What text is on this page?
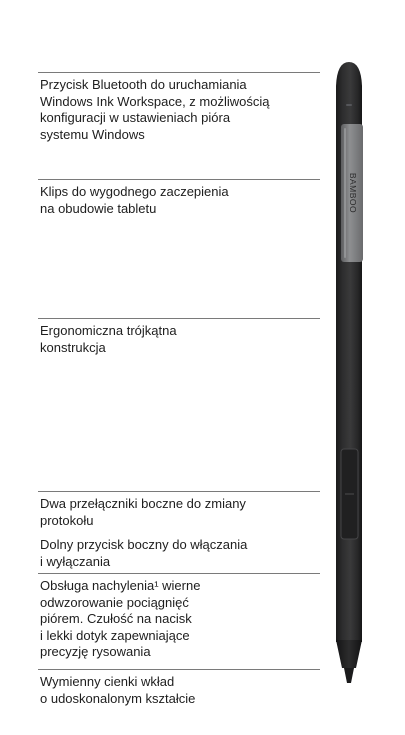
Przycisk Bluetooth do uruchamiania
Windows Ink Workspace, z możliwością
konfiguracji w ustawieniach pióra
systemu Windows
Klips do wygodnego zaczepienia
na obudowie tabletu
Ergonomiczna trójkątna
konstrukcja
Dwa przełączniki boczne do zmiany
protokołu
Dolny przycisk boczny do włączania
i wyłączania
Obsługa nachylenia¹ wierne
odwzorowanie pociągnięć
piórem. Czułość na nacisk
i lekki dotyk zapewniające
precyzję rysowania
Wymienny cienki wkład
o udoskonalonym kształcie
BAMBOO
